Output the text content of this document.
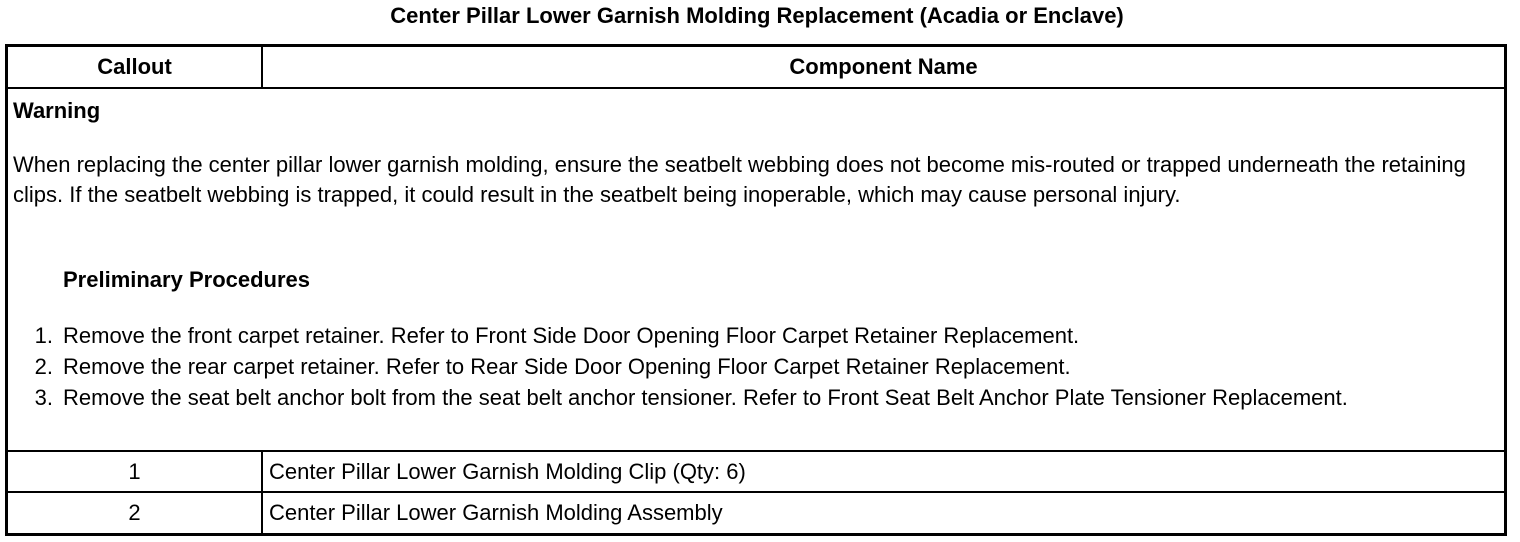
Center Pillar Lower Garnish Molding Replacement (Acadia or Enclave)
Callout	Component Name
Warning
When replacing the center pillar lower garnish molding, ensure the seatbelt webbing does not become mis-routed or trapped underneath the retaining clips. If the seatbelt webbing is trapped, it could result in the seatbelt being inoperable, which may cause personal injury.
Preliminary Procedures
1. Remove the front carpet retainer. Refer to Front Side Door Opening Floor Carpet Retainer Replacement.
2. Remove the rear carpet retainer. Refer to Rear Side Door Opening Floor Carpet Retainer Replacement.
3. Remove the seat belt anchor bolt from the seat belt anchor tensioner. Refer to Front Seat Belt Anchor Plate Tensioner Replacement.
1	Center Pillar Lower Garnish Molding Clip (Qty: 6)
2	Center Pillar Lower Garnish Molding Assembly
